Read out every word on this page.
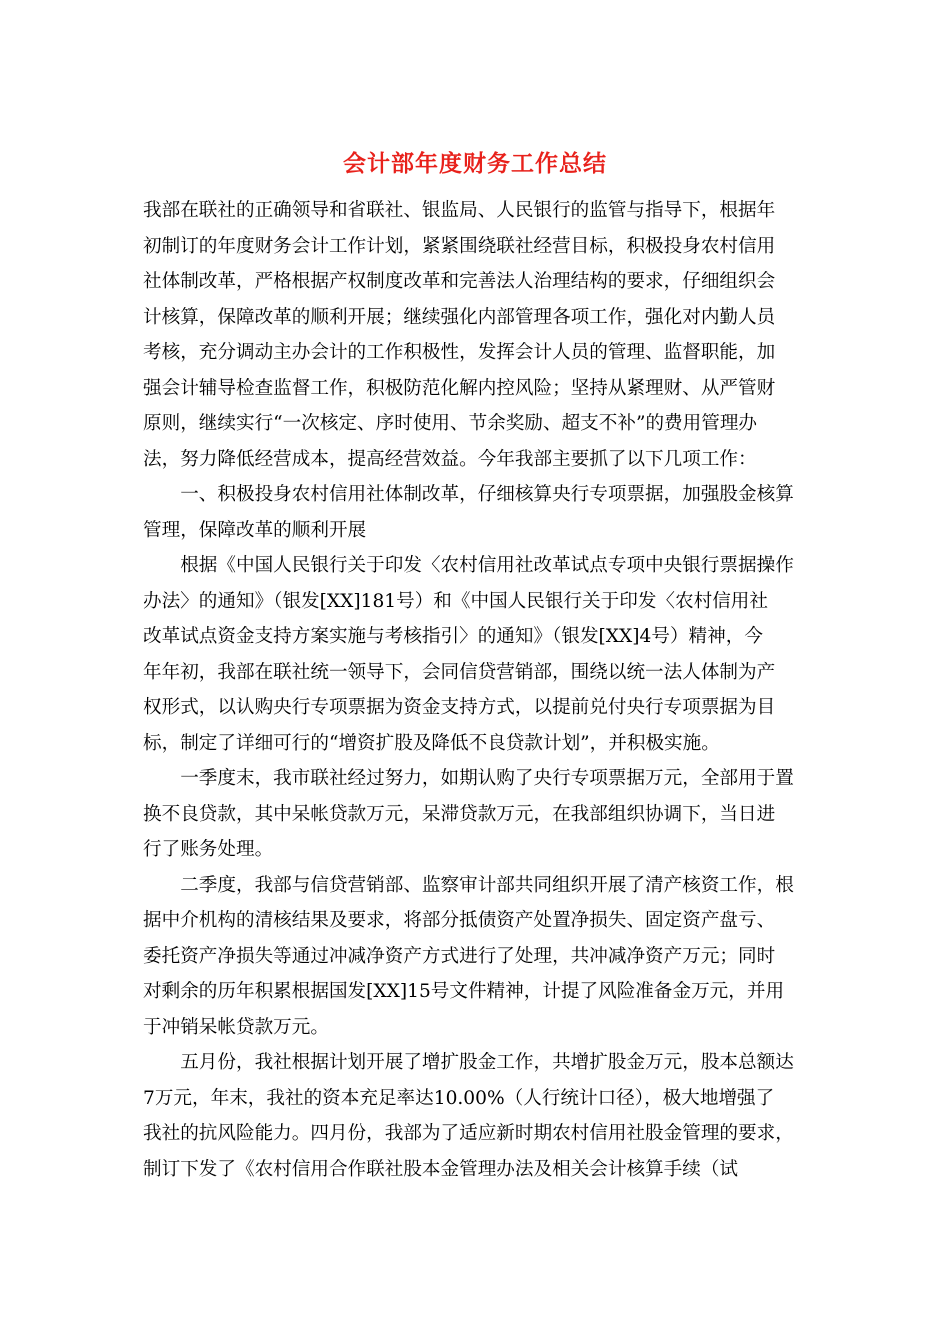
会计部年度财务工作总结

我部在联社的正确领导和省联社、银监局、人民银行的监管与指导下，根据年
初制订的年度财务会计工作计划，紧紧围绕联社经营目标，积极投身农村信用
社体制改革，严格根据产权制度改革和完善法人治理结构的要求，仔细组织会
计核算，保障改革的顺利开展；继续强化内部管理各项工作，强化对内勤人员
考核，充分调动主办会计的工作积极性，发挥会计人员的管理、监督职能，加
强会计辅导检查监督工作，积极防范化解内控风险；坚持从紧理财、从严管财
原则，继续实行“一次核定、序时使用、节余奖励、超支不补”的费用管理办
法，努力降低经营成本，提高经营效益。今年我部主要抓了以下几项工作：

一、积极投身农村信用社体制改革，仔细核算央行专项票据，加强股金核算
管理，保障改革的顺利开展

根据《中国人民银行关于印发〈农村信用社改革试点专项中央银行票据操作
办法〉的通知》（银发[XX]181号）和《中国人民银行关于印发〈农村信用社
改革试点资金支持方案实施与考核指引〉的通知》（银发[XX]4号）精神，今
年年初，我部在联社统一领导下，会同信贷营销部，围绕以统一法人体制为产
权形式，以认购央行专项票据为资金支持方式，以提前兑付央行专项票据为目
标，制定了详细可行的“增资扩股及降低不良贷款计划”，并积极实施。

一季度末，我市联社经过努力，如期认购了央行专项票据万元，全部用于置
换不良贷款，其中呆帐贷款万元，呆滞贷款万元，在我部组织协调下，当日进
行了账务处理。

二季度，我部与信贷营销部、监察审计部共同组织开展了清产核资工作，根
据中介机构的清核结果及要求，将部分抵债资产处置净损失、固定资产盘亏、
委托资产净损失等通过冲减净资产方式进行了处理，共冲减净资产万元；同时
对剩余的历年积累根据国发[XX]15号文件精神，计提了风险准备金万元，并用
于冲销呆帐贷款万元。

五月份，我社根据计划开展了增扩股金工作，共增扩股金万元，股本总额达
7万元，年末，我社的资本充足率达10.00%（人行统计口径），极大地增强了
我社的抗风险能力。四月份，我部为了适应新时期农村信用社股金管理的要求，
制订下发了《农村信用合作联社股本金管理办法及相关会计核算手续（试
